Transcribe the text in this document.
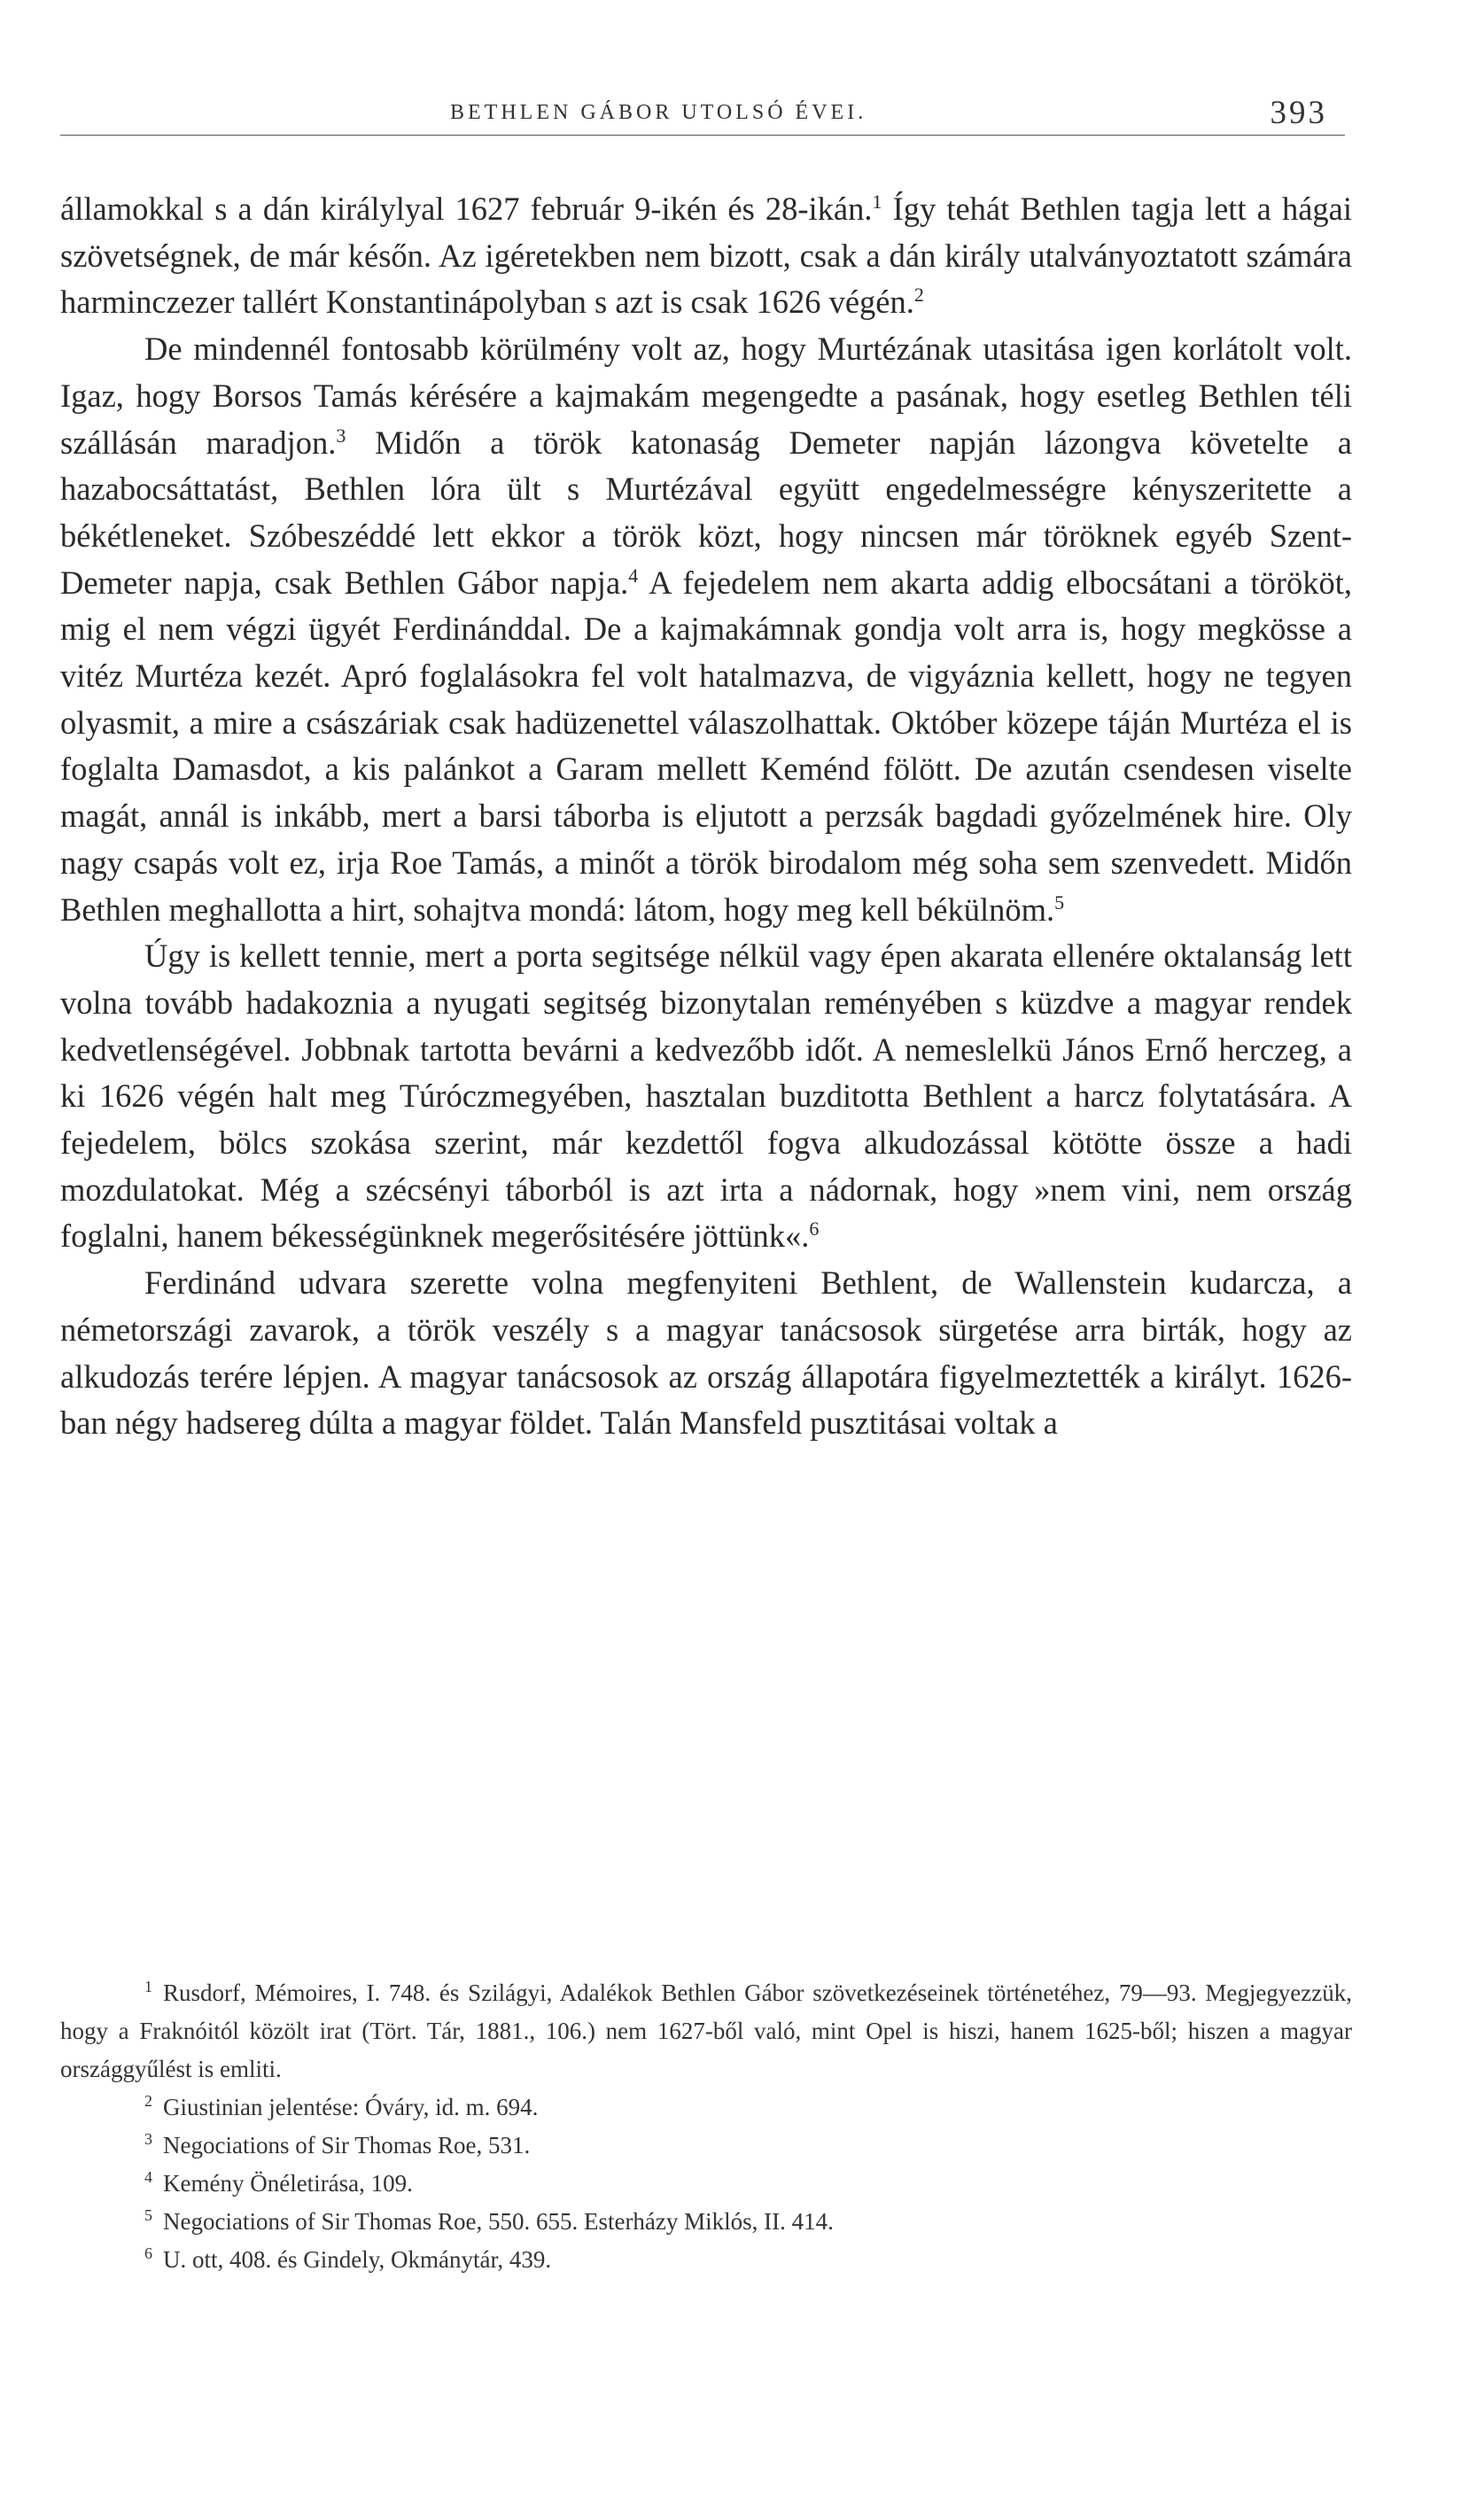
BETHLEN GÁBOR UTOLSÓ ÉVEI.	393

államokkal s a dán királylyal 1627 február 9-ikén és 28-ikán.$^1$ Így tehát Bethlen tagja lett a hágai szövetségnek, de már későn. Az igéretekben nem bizott, csak a dán király utalványoztatott számára harminczezer tallért Konstantinápolyban s azt is csak 1626 végén.$^2$

De mindennél fontosabb körülmény volt az, hogy Murtézának utasitása igen korlátolt volt. Igaz, hogy Borsos Tamás kérésére a kajmakám megengedte a pasának, hogy esetleg Bethlen téli szállásán maradjon.$^3$ Midőn a török katonaság Demeter napján lázongva követelte a hazabocsáttatást, Bethlen lóra ült s Murtézával együtt engedelmességre kényszeritette a békétleneket. Szóbeszéddé lett ekkor a török közt, hogy nincsen már töröknek egyéb Szent-Demeter napja, csak Bethlen Gábor napja.$^4$ A fejedelem nem akarta addig elbocsátani a törököt, mig el nem végzi ügyét Ferdinánddal. De a kajmakámnak gondja volt arra is, hogy megkösse a vitéz Murtéza kezét. Apró foglalásokra fel volt hatalmazva, de vigyáznia kellett, hogy ne tegyen olyasmit, a mire a császáriak csak hadüzenettel válaszolhattak. Október közepe táján Murtéza el is foglalta Damasdot, a kis palánkot a Garam mellett Keménd fölött. De azután csendesen viselte magát, annál is inkább, mert a barsi táborba is eljutott a perzsák bagdadi győzelmének hire. Oly nagy csapás volt ez, irja Roe Tamás, a minőt a török birodalom még soha sem szenvedett. Midőn Bethlen meghallotta a hirt, sohajtva mondá: látom, hogy meg kell békülnöm.$^5$

Úgy is kellett tennie, mert a porta segitsége nélkül vagy épen akarata ellenére oktalanság lett volna tovább hadakoznia a nyugati segitség bizonytalan reményében s küzdve a magyar rendek kedvetlenségével. Jobbnak tartotta bevárni a kedvezőbb időt. A nemeslelkü János Ernő herczeg, a ki 1626 végén halt meg Túróczmegyében, hasztalan buzditotta Bethlent a harcz folytatására. A fejedelem, bölcs szokása szerint, már kezdettől fogva alkudozással kötötte össze a hadi mozdulatokat. Még a szécsényi táborból is azt irta a nádornak, hogy »nem vini, nem ország foglalni, hanem békességünknek megerősitésére jöttünk«.$^6$

Ferdinánd udvara szerette volna megfenyiteni Bethlent, de Wallenstein kudarcza, a németországi zavarok, a török veszély s a magyar tanácsosok sürgetése arra birták, hogy az alkudozás terére lépjen. A magyar tanácsosok az ország állapotára figyelmeztették a királyt. 1626-ban négy hadsereg dúlta a magyar földet. Talán Mansfeld pusztitásai voltak a

$^1$ Rusdorf, Mémoires, I. 748. és Szilágyi, Adalékok Bethlen Gábor szövetkezéseinek történetéhez, 79—93. Megjegyezzük, hogy a Fraknóitól közölt irat (Tört. Tár, 1881., 106.) nem 1627-ből való, mint Opel is hiszi, hanem 1625-ből; hiszen a magyar országgyűlést is emliti.

$^2$ Giustinian jelentése: Óváry, id. m. 694.

$^3$ Negociations of Sir Thomas Roe, 531.

$^4$ Kemény Önéletirása, 109.

$^5$ Negociations of Sir Thomas Roe, 550. 655. Esterházy Miklós, II. 414.

$^6$ U. ott, 408. és Gindely, Okmánytár, 439.
